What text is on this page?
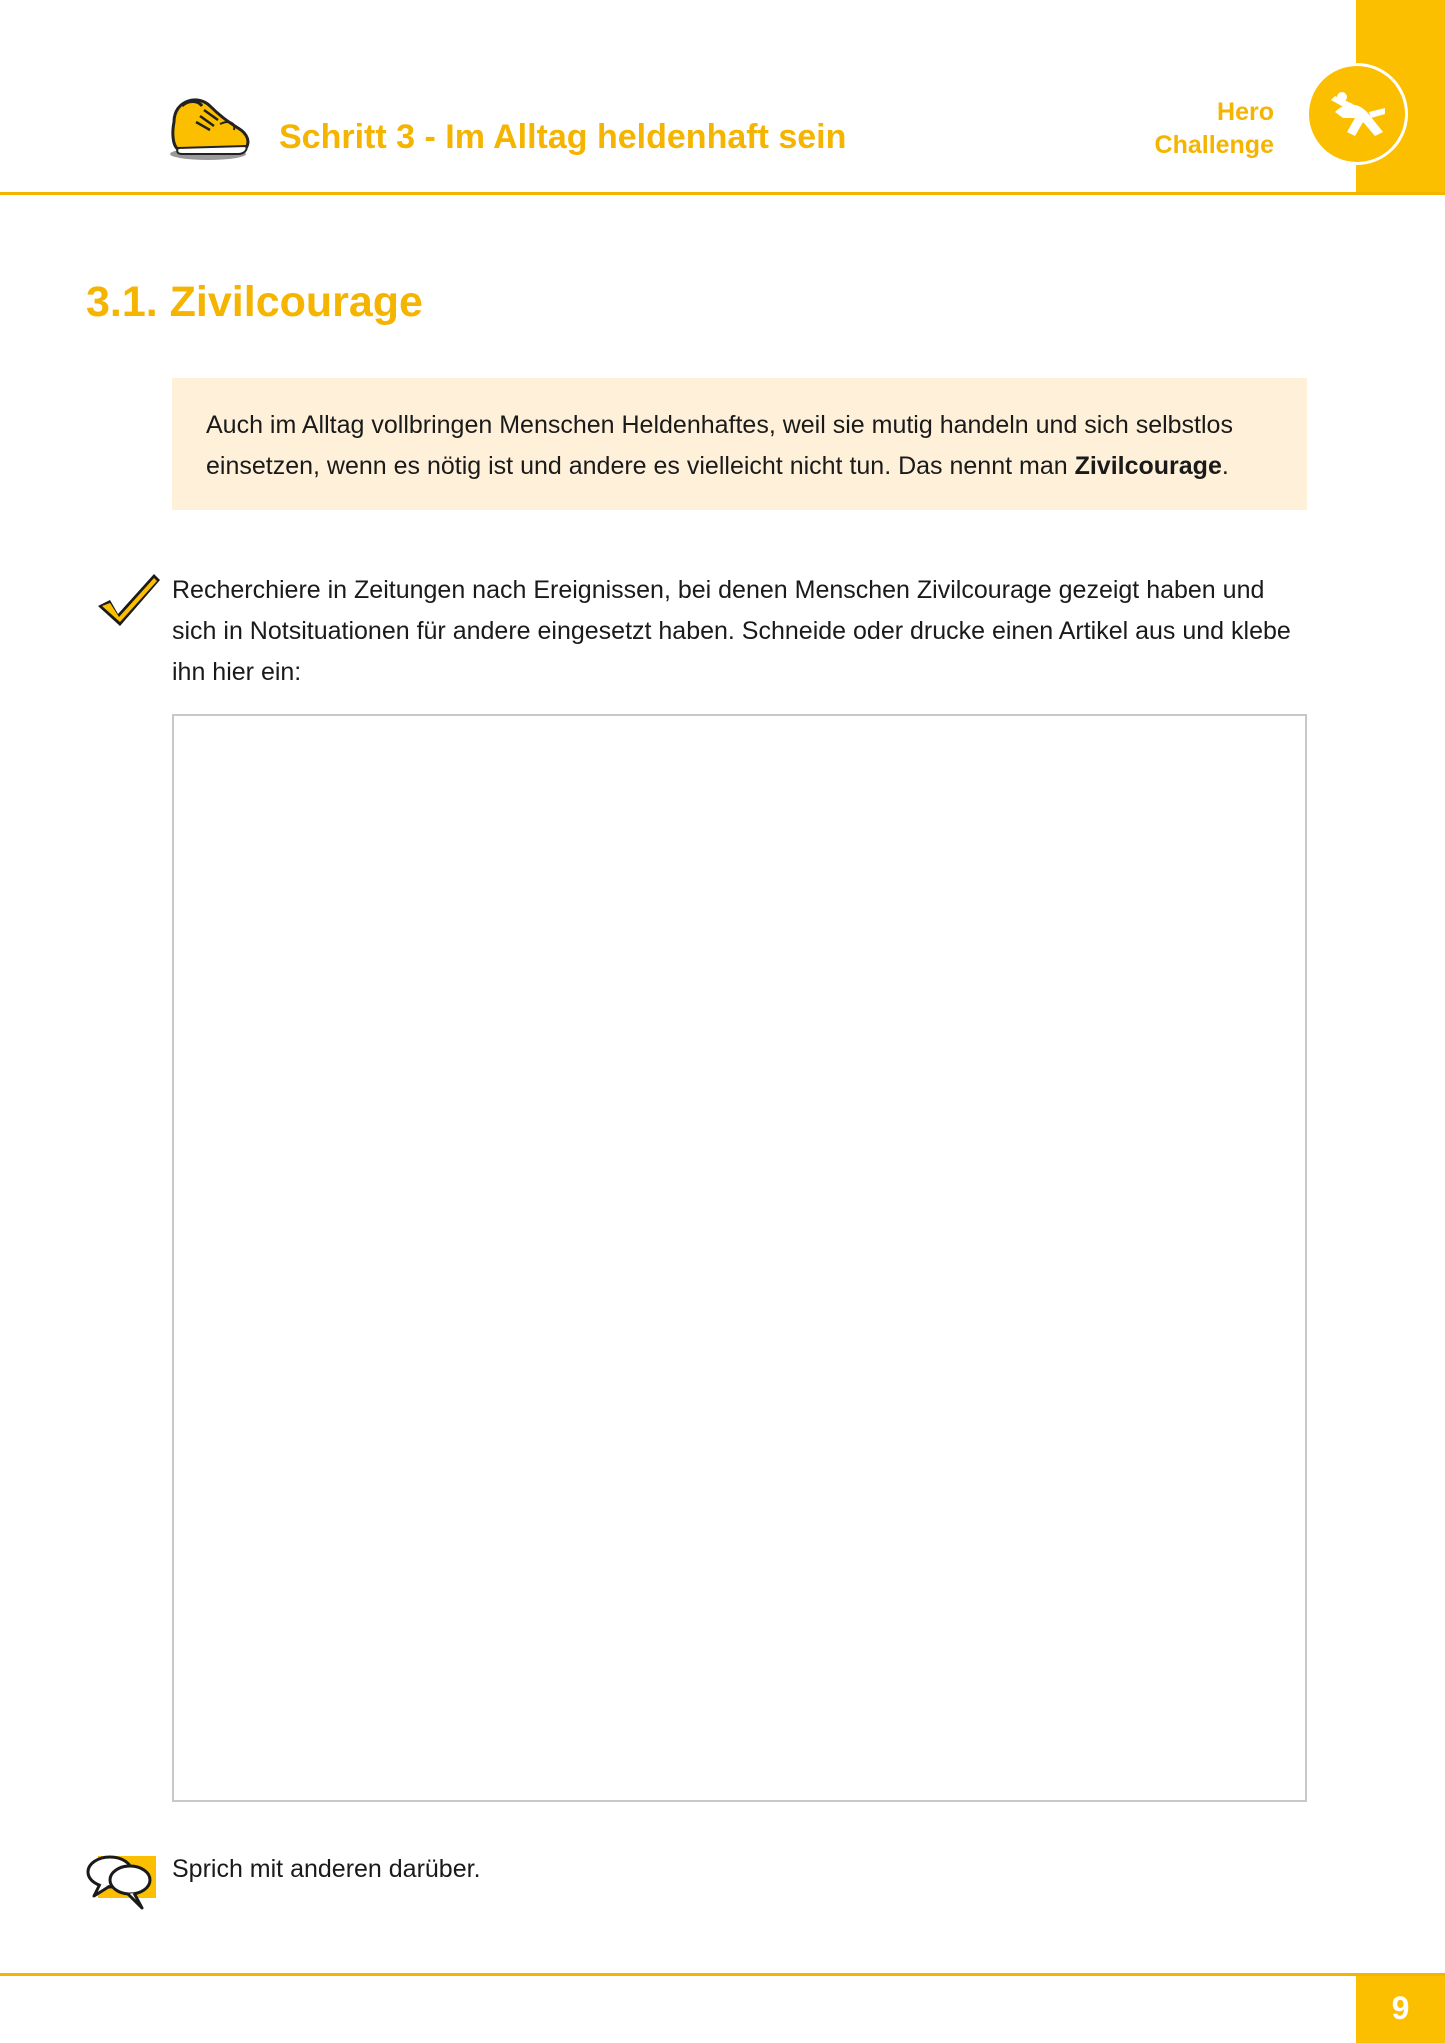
Schritt 3 - Im Alltag heldenhaft sein
Hero
Challenge
3.1. Zivilcourage
Auch im Alltag vollbringen Menschen Heldenhaftes, weil sie mutig handeln und sich selbstlos einsetzen, wenn es nötig ist und andere es vielleicht nicht tun. Das nennt man Zivilcourage.
Recherchiere in Zeitungen nach Ereignissen, bei denen Menschen Zivilcourage gezeigt haben und sich in Notsituationen für andere eingesetzt haben. Schneide oder drucke einen Artikel aus und klebe ihn hier ein:
Sprich mit anderen darüber.
9
